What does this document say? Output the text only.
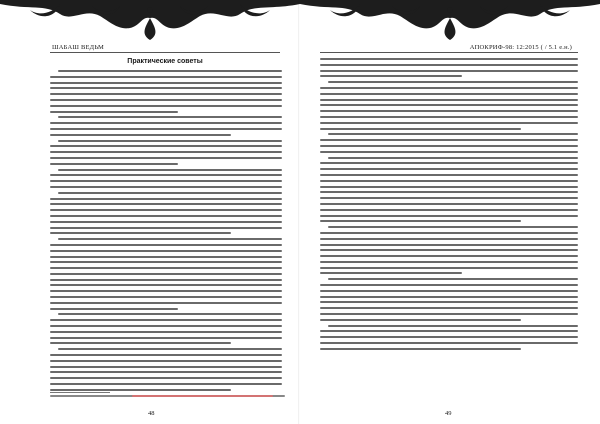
ШАБАШ ВЕДЬМ
Практические советы
48
АПОКРИФ-98: 12:2015 ( / 5.1 е.н.)
49
